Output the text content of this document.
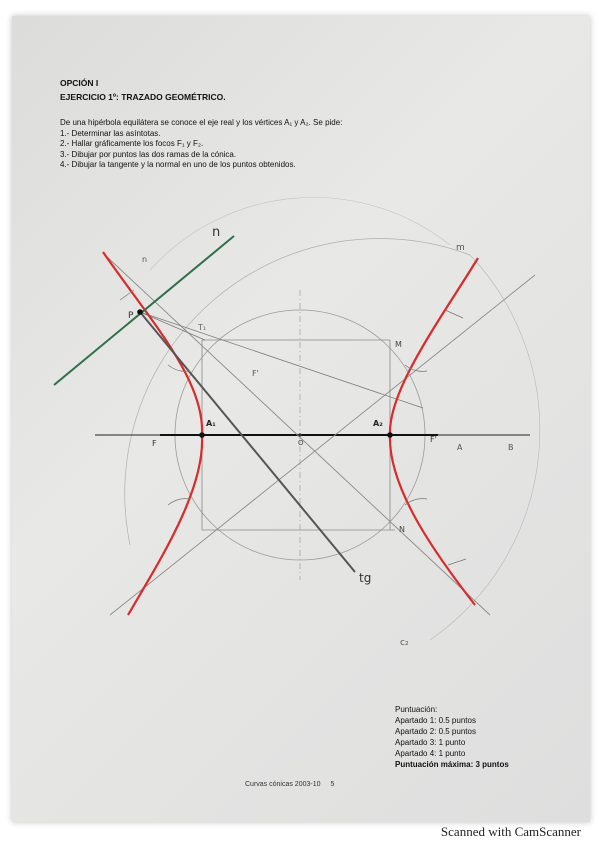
OPCIÓN I
EJERCICIO 1º: TRAZADO GEOMÉTRICO.
De una hipérbola equilátera se conoce el eje real y los vértices A₁ y A₂. Se pide:
1.- Determinar las asíntotas.
2.- Hallar gráficamente los focos F₁ y F₂.
3.- Dibujar por puntos las dos ramas de la cónica.
4.- Dibujar la tangente y la normal en uno de los puntos obtenidos.
n
n
m
P
T₁
F'
M
A₁	A₂
O
F	F'
A	B
N
tg
c₂
Puntuación:
Apartado 1: 0.5 puntos
Apartado 2: 0.5 puntos
Apartado 3: 1 punto
Apartado 4: 1 punto
Puntuación máxima: 3 puntos
Curvas cónicas 2003-10 5
Scanned with CamScanner
